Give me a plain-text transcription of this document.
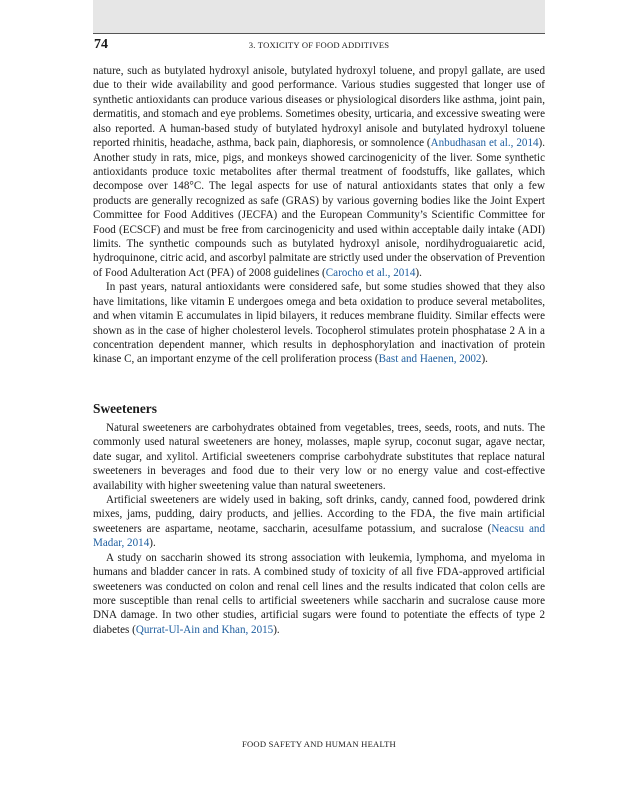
74	3. TOXICITY OF FOOD ADDITIVES

nature, such as butylated hydroxyl anisole, butylated hydroxyl toluene, and propyl gallate, are used due to their wide availability and good performance. Various studies suggested that longer use of synthetic antioxidants can produce various diseases or physiological disorders like asthma, joint pain, dermatitis, and stomach and eye problems. Sometimes obesity, urticaria, and excessive sweating were also reported. A human-based study of butylated hydroxyl anisole and butylated hydroxyl toluene reported rhinitis, headache, asthma, back pain, diaphoresis, or somnolence (Anbudhasan et al., 2014). Another study in rats, mice, pigs, and monkeys showed carcinogenicity of the liver. Some synthetic antioxidants produce toxic metabolites after thermal treatment of foodstuffs, like gallates, which decompose over 148°C. The legal aspects for use of natural antioxidants states that only a few products are generally recognized as safe (GRAS) by various governing bodies like the Joint Expert Committee for Food Additives (JECFA) and the European Community’s Scientific Committee for Food (ECSCF) and must be free from carcinogenicity and used within acceptable daily intake (ADI) limits. The synthetic compounds such as butylated hydroxyl anisole, nordihydroguaiaretic acid, hydroquinone, citric acid, and ascorbyl palmitate are strictly used under the observation of Prevention of Food Adulteration Act (PFA) of 2008 guidelines (Carocho et al., 2014).

In past years, natural antioxidants were considered safe, but some studies showed that they also have limitations, like vitamin E undergoes omega and beta oxidation to produce several metabolites, and when vitamin E accumulates in lipid bilayers, it reduces membrane fluidity. Similar effects were shown as in the case of higher cholesterol levels. Tocopherol stimulates protein phosphatase 2 A in a concentration dependent manner, which results in dephosphorylation and inactivation of protein kinase C, an important enzyme of the cell proliferation process (Bast and Haenen, 2002).

Sweeteners

Natural sweeteners are carbohydrates obtained from vegetables, trees, seeds, roots, and nuts. The commonly used natural sweeteners are honey, molasses, maple syrup, coconut sugar, agave nectar, date sugar, and xylitol. Artificial sweeteners comprise carbohydrate substitutes that replace natural sweeteners in beverages and food due to their very low or no energy value and cost-effective availability with higher sweetening value than natural sweeteners.

Artificial sweeteners are widely used in baking, soft drinks, candy, canned food, powdered drink mixes, jams, pudding, dairy products, and jellies. According to the FDA, the five main artificial sweeteners are aspartame, neotame, saccharin, acesulfame potassium, and sucralose (Neacsu and Madar, 2014).

A study on saccharin showed its strong association with leukemia, lymphoma, and myeloma in humans and bladder cancer in rats. A combined study of toxicity of all five FDA-approved artificial sweeteners was conducted on colon and renal cell lines and the results indicated that colon cells are more susceptible than renal cells to artificial sweeteners while saccharin and sucralose cause more DNA damage. In two other studies, artificial sugars were found to potentiate the effects of type 2 diabetes (Qurrat-Ul-Ain and Khan, 2015).

FOOD SAFETY AND HUMAN HEALTH
